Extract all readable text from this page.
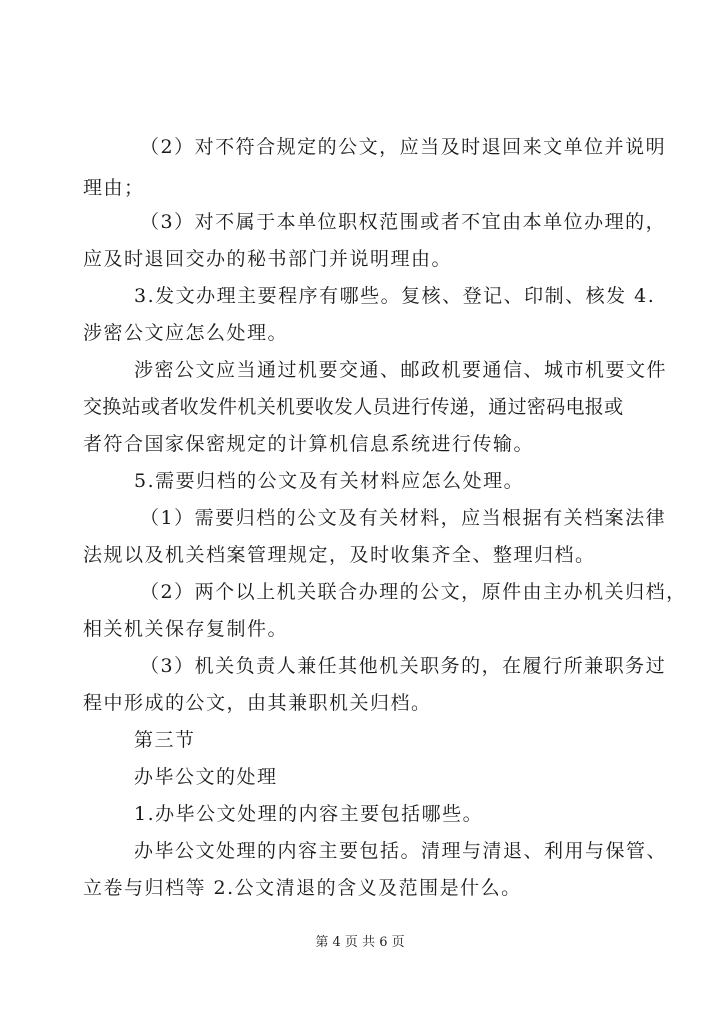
（2）对不符合规定的公文，应当及时退回来文单位并说明
理由；
（3）对不属于本单位职权范围或者不宜由本单位办理的，
应及时退回交办的秘书部门并说明理由。
3.发文办理主要程序有哪些。复核、登记、印制、核发 4.
涉密公文应怎么处理。
涉密公文应当通过机要交通、邮政机要通信、城市机要文件
交换站或者收发件机关机要收发人员进行传递，通过密码电报或
者符合国家保密规定的计算机信息系统进行传输。
5.需要归档的公文及有关材料应怎么处理。
（1）需要归档的公文及有关材料，应当根据有关档案法律
法规以及机关档案管理规定，及时收集齐全、整理归档。
（2）两个以上机关联合办理的公文，原件由主办机关归档，
相关机关保存复制件。
（3）机关负责人兼任其他机关职务的，在履行所兼职务过
程中形成的公文，由其兼职机关归档。
第三节
办毕公文的处理
1.办毕公文处理的内容主要包括哪些。
办毕公文处理的内容主要包括。清理与清退、利用与保管、
立卷与归档等 2.公文清退的含义及范围是什么。
第 4 页 共 6 页
